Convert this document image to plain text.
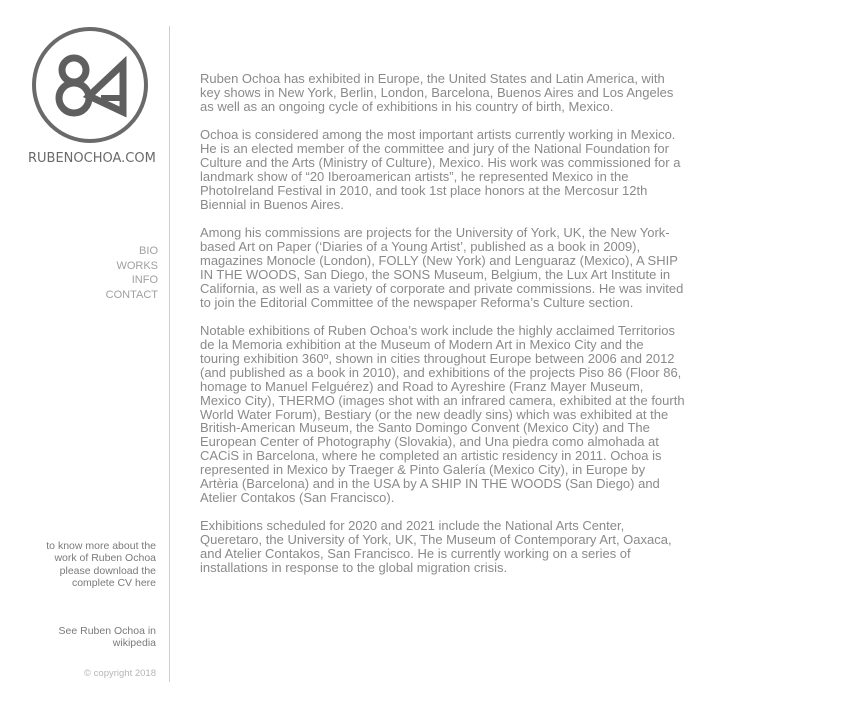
RUBENOCHOA.COM
BIO
WORKS
INFO
CONTACT
to know more about the work of Ruben Ochoa please download the complete CV here
See Ruben Ochoa in wikipedia
© copyright 2018

Ruben Ochoa has exhibited in Europe, the United States and Latin America, with key shows in New York, Berlin, London, Barcelona, Buenos Aires and Los Angeles as well as an ongoing cycle of exhibitions in his country of birth, Mexico.

Ochoa is considered among the most important artists currently working in Mexico. He is an elected member of the committee and jury of the National Foundation for Culture and the Arts (Ministry of Culture), Mexico. His work was commissioned for a landmark show of “20 Iberoamerican artists”, he represented Mexico in the PhotoIreland Festival in 2010, and took 1st place honors at the Mercosur 12th Biennial in Buenos Aires.

Among his commissions are projects for the University of York, UK, the New York-based Art on Paper (‘Diaries of a Young Artist’, published as a book in 2009), magazines Monocle (London), FOLLY (New York) and Lenguaraz (Mexico), A SHIP IN THE WOODS, San Diego, the SONS Museum, Belgium, the Lux Art Institute in California, as well as a variety of corporate and private commissions. He was invited to join the Editorial Committee of the newspaper Reforma’s Culture section.

Notable exhibitions of Ruben Ochoa’s work include the highly acclaimed Territorios de la Memoria exhibition at the Museum of Modern Art in Mexico City and the touring exhibition 360º, shown in cities throughout Europe between 2006 and 2012 (and published as a book in 2010), and exhibitions of the projects Piso 86 (Floor 86, homage to Manuel Felguérez) and Road to Ayreshire (Franz Mayer Museum, Mexico City), THERMO (images shot with an infrared camera, exhibited at the fourth World Water Forum), Bestiary (or the new deadly sins) which was exhibited at the British-American Museum, the Santo Domingo Convent (Mexico City) and The European Center of Photography (Slovakia), and Una piedra como almohada at CACiS in Barcelona, where he completed an artistic residency in 2011. Ochoa is represented in Mexico by Traeger & Pinto Galería (Mexico City), in Europe by Artèria (Barcelona) and in the USA by A SHIP IN THE WOODS (San Diego) and Atelier Contakos (San Francisco).

Exhibitions scheduled for 2020 and 2021 include the National Arts Center, Queretaro, the University of York, UK, The Museum of Contemporary Art, Oaxaca, and Atelier Contakos, San Francisco. He is currently working on a series of installations in response to the global migration crisis.
